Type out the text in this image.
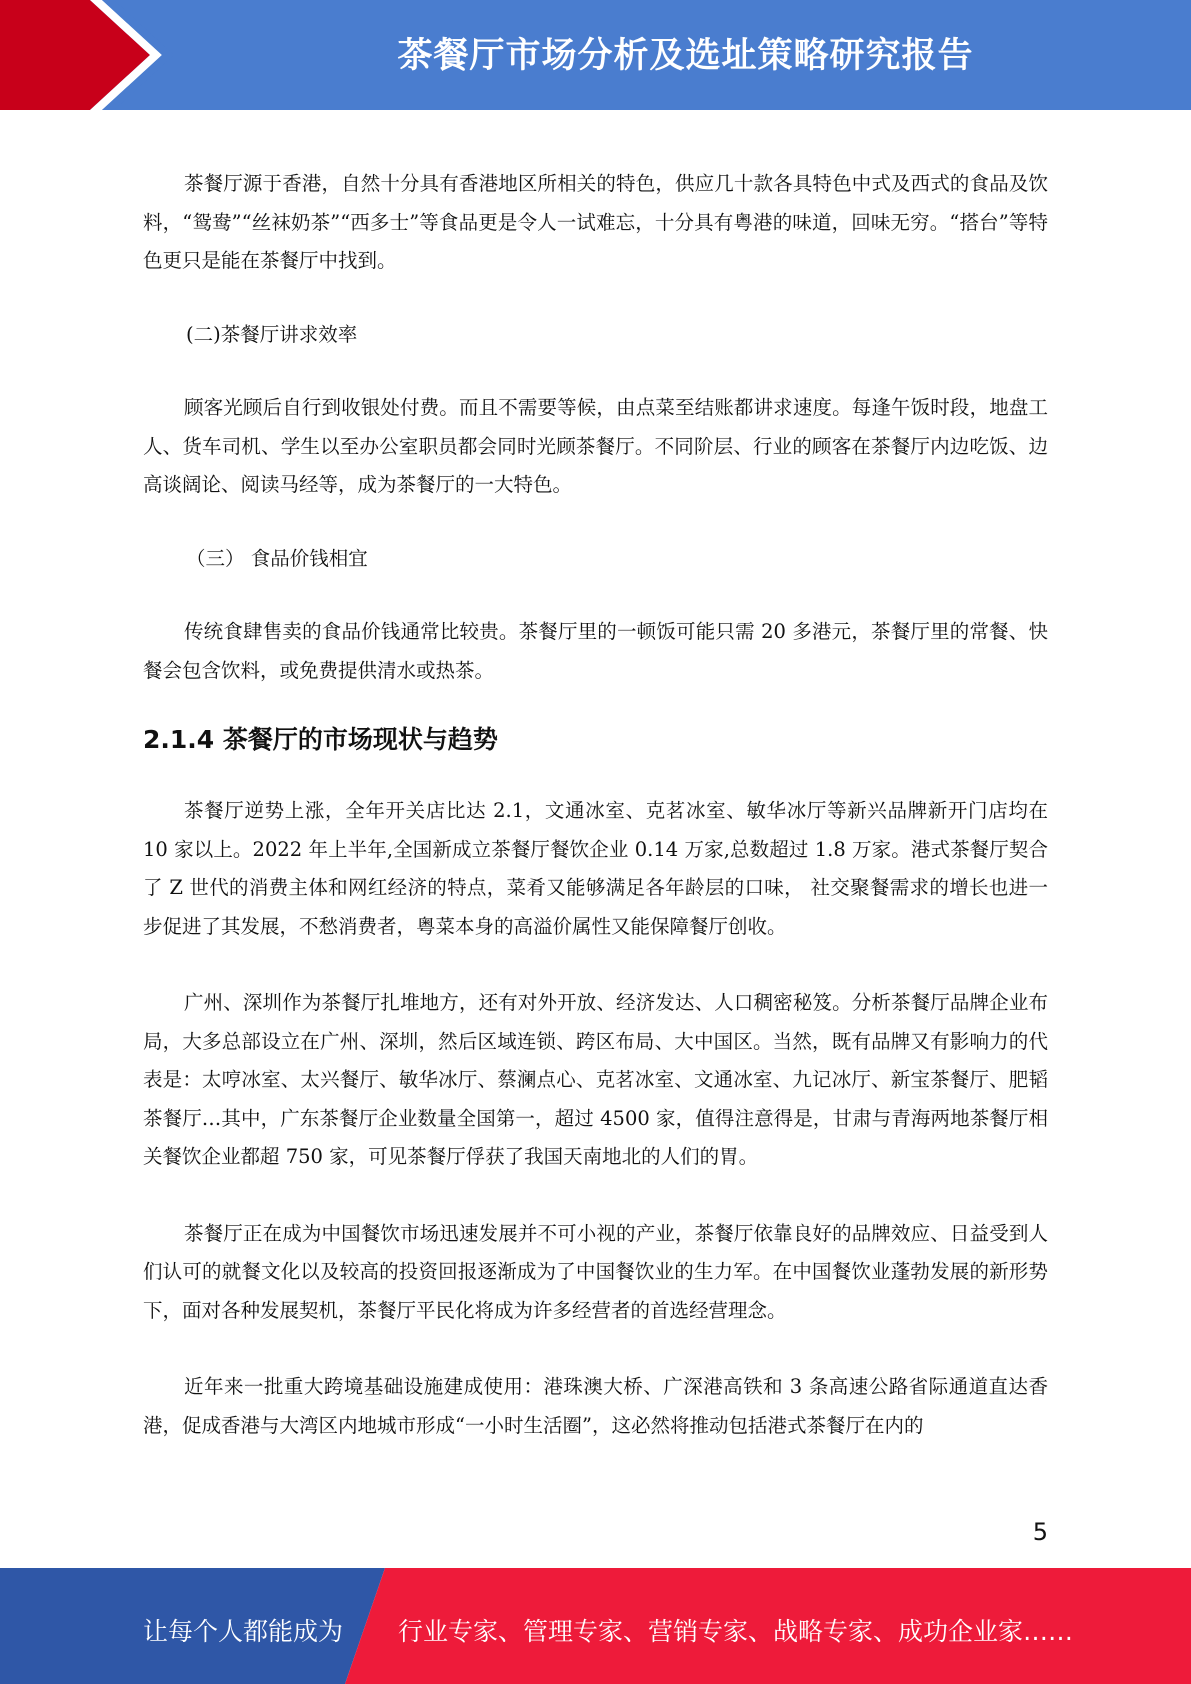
茶餐厅市场分析及选址策略研究报告

茶餐厅源于香港，自然十分具有香港地区所相关的特色，供应几十款各具特色中式及西式的食品及饮料，“鸳鸯”“丝袜奶茶”“西多士”等食品更是令人一试难忘，十分具有粤港的味道，回味无穷。“搭台”等特色更只是能在茶餐厅中找到。

(二)茶餐厅讲求效率

顾客光顾后自行到收银处付费。而且不需要等候，由点菜至结账都讲求速度。每逢午饭时段，地盘工人、货车司机、学生以至办公室职员都会同时光顾茶餐厅。不同阶层、行业的顾客在茶餐厅内边吃饭、边高谈阔论、阅读马经等，成为茶餐厅的一大特色。

（三） 食品价钱相宜

传统食肆售卖的食品价钱通常比较贵。茶餐厅里的一顿饭可能只需 20 多港元，茶餐厅里的常餐、快餐会包含饮料，或免费提供清水或热茶。

2.1.4 茶餐厅的市场现状与趋势

茶餐厅逆势上涨，全年开关店比达 2.1，文通冰室、克茗冰室、敏华冰厅等新兴品牌新开门店均在 10 家以上。2022 年上半年,全国新成立茶餐厅餐饮企业 0.14 万家,总数超过 1.8 万家。港式茶餐厅契合了 Z 世代的消费主体和网红经济的特点，菜肴又能够满足各年龄层的口味， 社交聚餐需求的增长也进一步促进了其发展，不愁消费者，粤菜本身的高溢价属性又能保障餐厅创收。

广州、深圳作为茶餐厅扎堆地方，还有对外开放、经济发达、人口稠密秘笈。分析茶餐厅品牌企业布局，大多总部设立在广州、深圳，然后区域连锁、跨区布局、大中国区。当然，既有品牌又有影响力的代表是：太哼冰室、太兴餐厅、敏华冰厅、蔡澜点心、克茗冰室、文通冰室、九记冰厅、新宝茶餐厅、肥韬茶餐厅…其中，广东茶餐厅企业数量全国第一，超过 4500 家，值得注意得是，甘肃与青海两地茶餐厅相关餐饮企业都超 750 家，可见茶餐厅俘获了我国天南地北的人们的胃。

茶餐厅正在成为中国餐饮市场迅速发展并不可小视的产业，茶餐厅依靠良好的品牌效应、日益受到人们认可的就餐文化以及较高的投资回报逐渐成为了中国餐饮业的生力军。在中国餐饮业蓬勃发展的新形势下，面对各种发展契机，茶餐厅平民化将成为许多经营者的首选经营理念。

近年来一批重大跨境基础设施建成使用：港珠澳大桥、广深港高铁和 3 条高速公路省际通道直达香港，促成香港与大湾区内地城市形成“一小时生活圈”，这必然将推动包括港式茶餐厅在内的

5
让每个人都能成为 行业专家、管理专家、营销专家、战略专家、成功企业家……
